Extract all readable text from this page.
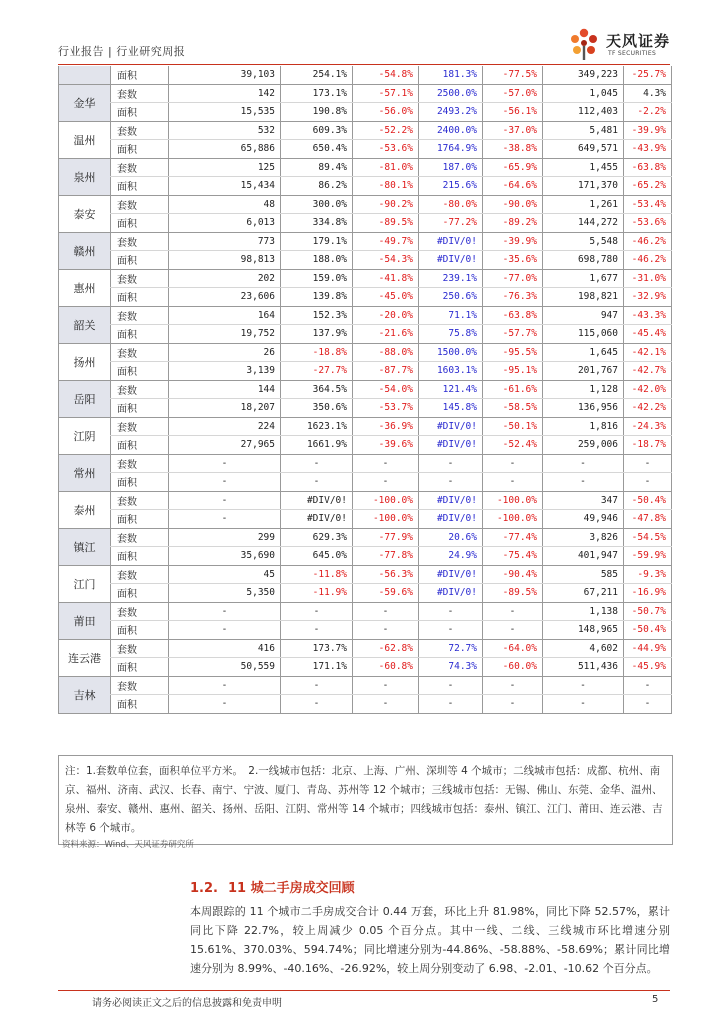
行业报告 | 行业研究周报
天风证券
TF SECURITIES
	面积	39,103	254.1%	-54.8%	181.3%	-77.5%	349,223	-25.7%
金华	套数	142	173.1%	-57.1%	2500.0%	-57.0%	1,045	4.3%
	面积	15,535	190.8%	-56.0%	2493.2%	-56.1%	112,403	-2.2%
温州	套数	532	609.3%	-52.2%	2400.0%	-37.0%	5,481	-39.9%
	面积	65,886	650.4%	-53.6%	1764.9%	-38.8%	649,571	-43.9%
泉州	套数	125	89.4%	-81.0%	187.0%	-65.9%	1,455	-63.8%
	面积	15,434	86.2%	-80.1%	215.6%	-64.6%	171,370	-65.2%
泰安	套数	48	300.0%	-90.2%	-80.0%	-90.0%	1,261	-53.4%
	面积	6,013	334.8%	-89.5%	-77.2%	-89.2%	144,272	-53.6%
赣州	套数	773	179.1%	-49.7%	#DIV/0!	-39.9%	5,548	-46.2%
	面积	98,813	188.0%	-54.3%	#DIV/0!	-35.6%	698,780	-46.2%
惠州	套数	202	159.0%	-41.8%	239.1%	-77.0%	1,677	-31.0%
	面积	23,606	139.8%	-45.0%	250.6%	-76.3%	198,821	-32.9%
韶关	套数	164	152.3%	-20.0%	71.1%	-63.8%	947	-43.3%
	面积	19,752	137.9%	-21.6%	75.8%	-57.7%	115,060	-45.4%
扬州	套数	26	-18.8%	-88.0%	1500.0%	-95.5%	1,645	-42.1%
	面积	3,139	-27.7%	-87.7%	1603.1%	-95.1%	201,767	-42.7%
岳阳	套数	144	364.5%	-54.0%	121.4%	-61.6%	1,128	-42.0%
	面积	18,207	350.6%	-53.7%	145.8%	-58.5%	136,956	-42.2%
江阴	套数	224	1623.1%	-36.9%	#DIV/0!	-50.1%	1,816	-24.3%
	面积	27,965	1661.9%	-39.6%	#DIV/0!	-52.4%	259,006	-18.7%
常州	套数	-	-	-	-	-	-	-
	面积	-	-	-	-	-	-	-
泰州	套数	-	#DIV/0!	-100.0%	#DIV/0!	-100.0%	347	-50.4%
	面积	-	#DIV/0!	-100.0%	#DIV/0!	-100.0%	49,946	-47.8%
镇江	套数	299	629.3%	-77.9%	20.6%	-77.4%	3,826	-54.5%
	面积	35,690	645.0%	-77.8%	24.9%	-75.4%	401,947	-59.9%
江门	套数	45	-11.8%	-56.3%	#DIV/0!	-90.4%	585	-9.3%
	面积	5,350	-11.9%	-59.6%	#DIV/0!	-89.5%	67,211	-16.9%
莆田	套数	-	-	-	-	-	1,138	-50.7%
	面积	-	-	-	-	-	148,965	-50.4%
连云港	套数	416	173.7%	-62.8%	72.7%	-64.0%	4,602	-44.9%
	面积	50,559	171.1%	-60.8%	74.3%	-60.0%	511,436	-45.9%
吉林	套数	-	-	-	-	-	-	-
	面积	-	-	-	-	-	-	-
注：1.套数单位套，面积单位平方米。　2.一线城市包括：北京、上海、广州、深圳等 4 个城市；二线城市包括：成都、杭州、南京、福州、济南、武汉、长春、南宁、宁波、厦门、青岛、苏州等 12 个城市；三线城市包括：无锡、佛山、东莞、金华、温州、泉州、泰安、赣州、惠州、韶关、扬州、岳阳、江阴、常州等 14 个城市；四线城市包括：泰州、镇江、江门、莆田、连云港、吉林等 6 个城市。
资料来源：Wind、天风证券研究所
1.2. 11 城二手房成交回顾
本周跟踪的 11 个城市二手房成交合计 0.44 万套，环比上升 81.98%，同比下降 52.57%，累计同比下降 22.7%，较上周减少 0.05 个百分点。其中一线、二线、三线城市环比增速分别 15.61%、370.03%、594.74%；同比增速分别为-44.86%、-58.88%、-58.69%；累计同比增速分别为 8.99%、-40.16%、-26.92%，较上周分别变动了 6.98、-2.01、-10.62 个百分点。
请务必阅读正文之后的信息披露和免责申明	5
